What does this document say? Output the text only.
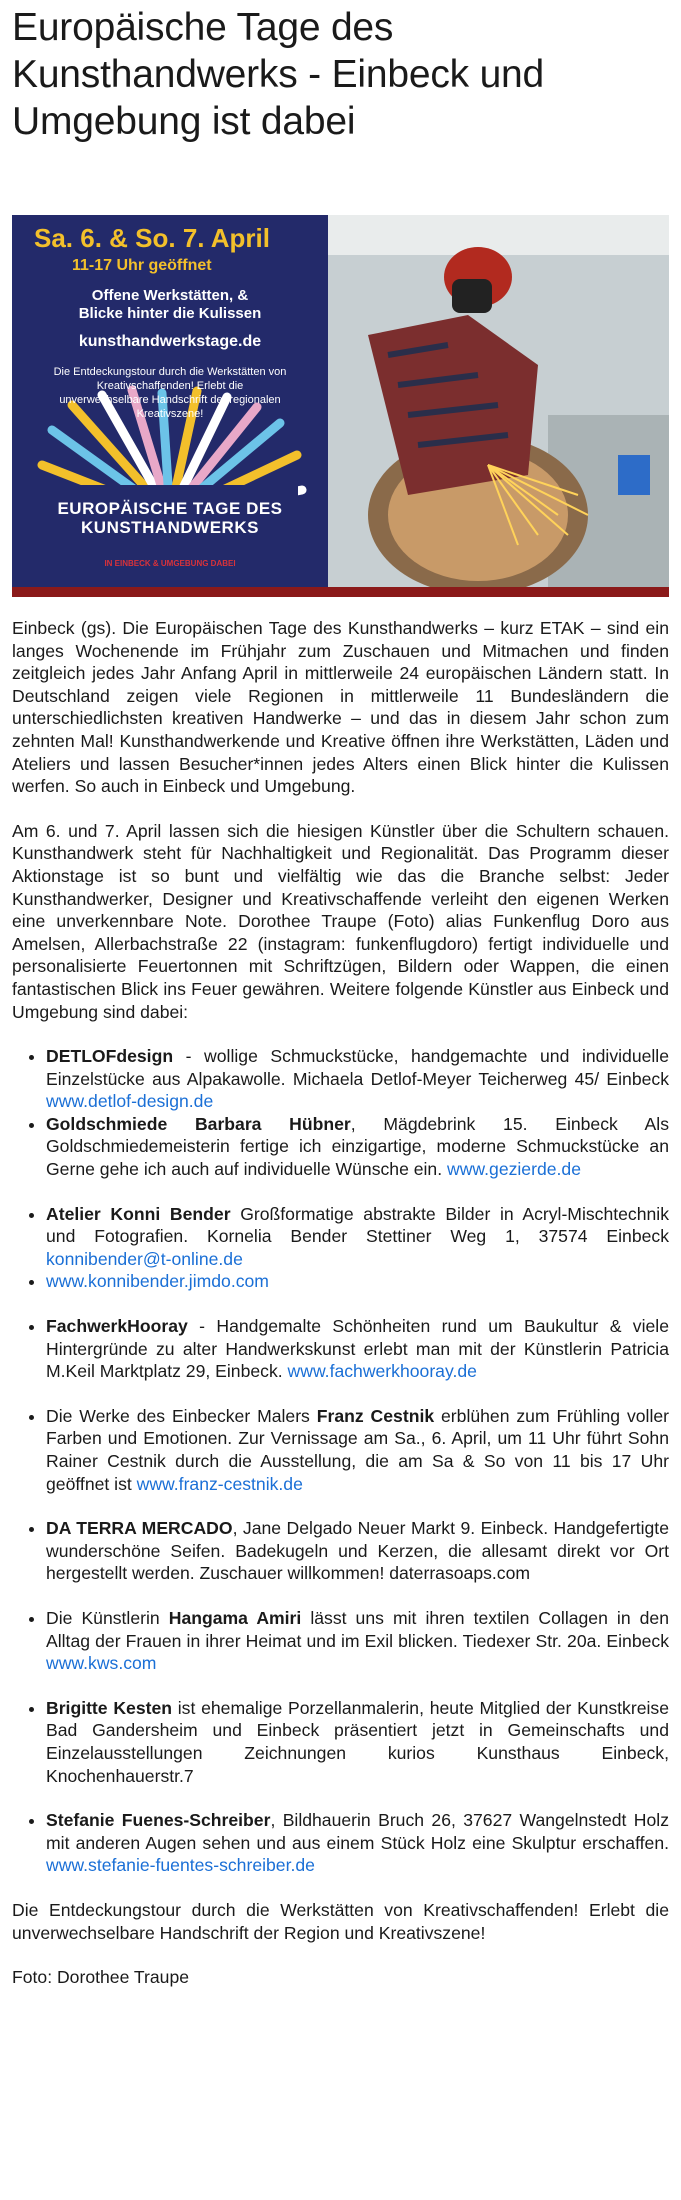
Europäische Tage des Kunsthandwerks - Einbeck und Umgebung ist dabei
Sa. 6. & So. 7. April
11-17 Uhr geöffnet
Offene Werkstätten, & Blicke hinter die Kulissen
kunsthandwerkstage.de
Die Entdeckungstour durch die Werkstätten von Kreativschaffenden! Erlebt die unverwechselbare Handschrift der regionalen Kreativszene!
EUROPÄISCHE TAGE DES KUNSTHANDWERKS
IN EINBECK & UMGEBUNG DABEI

Einbeck (gs). Die Europäischen Tage des Kunsthandwerks – kurz ETAK – sind ein langes Wochenende im Frühjahr zum Zuschauen und Mitmachen und finden zeitgleich jedes Jahr Anfang April in mittlerweile 24 europäischen Ländern statt. In Deutschland zeigen viele Regionen in mittlerweile 11 Bundesländern die unterschiedlichsten kreativen Handwerke – und das in diesem Jahr schon zum zehnten Mal! Kunsthandwerkende und Kreative öffnen ihre Werkstätten, Läden und Ateliers und lassen Besucher*innen jedes Alters einen Blick hinter die Kulissen werfen. So auch in Einbeck und Umgebung.

Am 6. und 7. April lassen sich die hiesigen Künstler über die Schultern schauen. Kunsthandwerk steht für Nachhaltigkeit und Regionalität. Das Programm dieser Aktionstage ist so bunt und vielfältig wie das die Branche selbst: Jeder Kunsthandwerker, Designer und Kreativschaffende verleiht den eigenen Werken eine unverkennbare Note. Dorothee Traupe (Foto) alias Funkenflug Doro aus Amelsen, Allerbachstraße 22 (instagram: funkenflugdoro) fertigt individuelle und personalisierte Feuertonnen mit Schriftzügen, Bildern oder Wappen, die einen fantastischen Blick ins Feuer gewähren. Weitere folgende Künstler aus Einbeck und Umgebung sind dabei:

• DETLOFdesign - wollige Schmuckstücke, handgemachte und individuelle Einzelstücke aus Alpakawolle. Michaela Detlof-Meyer Teicherweg 45/ Einbeck www.detlof-design.de
• Goldschmiede Barbara Hübner, Mägdebrink 15. Einbeck Als Goldschmiedemeisterin fertige ich einzigartige, moderne Schmuckstücke an Gerne gehe ich auch auf individuelle Wünsche ein. www.gezierde.de
• Atelier Konni Bender Großformatige abstrakte Bilder in Acryl-Mischtechnik und Fotografien. Kornelia Bender Stettiner Weg 1, 37574 Einbeck konnibender@t-online.de
• www.konnibender.jimdo.com
• FachwerkHooray - Handgemalte Schönheiten rund um Baukultur & viele Hintergründe zu alter Handwerkskunst erlebt man mit der Künstlerin Patricia M.Keil Marktplatz 29, Einbeck. www.fachwerkhooray.de
• Die Werke des Einbecker Malers Franz Cestnik erblühen zum Frühling voller Farben und Emotionen. Zur Vernissage am Sa., 6. April, um 11 Uhr führt Sohn Rainer Cestnik durch die Ausstellung, die am Sa & So von 11 bis 17 Uhr geöffnet ist www.franz-cestnik.de
• DA TERRA MERCADO, Jane Delgado Neuer Markt 9. Einbeck. Handgefertigte wunderschöne Seifen. Badekugeln und Kerzen, die allesamt direkt vor Ort hergestellt werden. Zuschauer willkommen! daterrasoaps.com
• Die Künstlerin Hangama Amiri lässt uns mit ihren textilen Collagen in den Alltag der Frauen in ihrer Heimat und im Exil blicken. Tiedexer Str. 20a. Einbeck www.kws.com
• Brigitte Kesten ist ehemalige Porzellanmalerin, heute Mitglied der Kunstkreise Bad Gandersheim und Einbeck präsentiert jetzt in Gemeinschafts und Einzelausstellungen Zeichnungen kurios Kunsthaus Einbeck, Knochenhauerstr.7
• Stefanie Fuenes-Schreiber, Bildhauerin Bruch 26, 37627 Wangelnstedt Holz mit anderen Augen sehen und aus einem Stück Holz eine Skulptur erschaffen. www.stefanie-fuentes-schreiber.de

Die Entdeckungstour durch die Werkstätten von Kreativschaffenden! Erlebt die unverwechselbare Handschrift der Region und Kreativszene!

Foto: Dorothee Traupe
